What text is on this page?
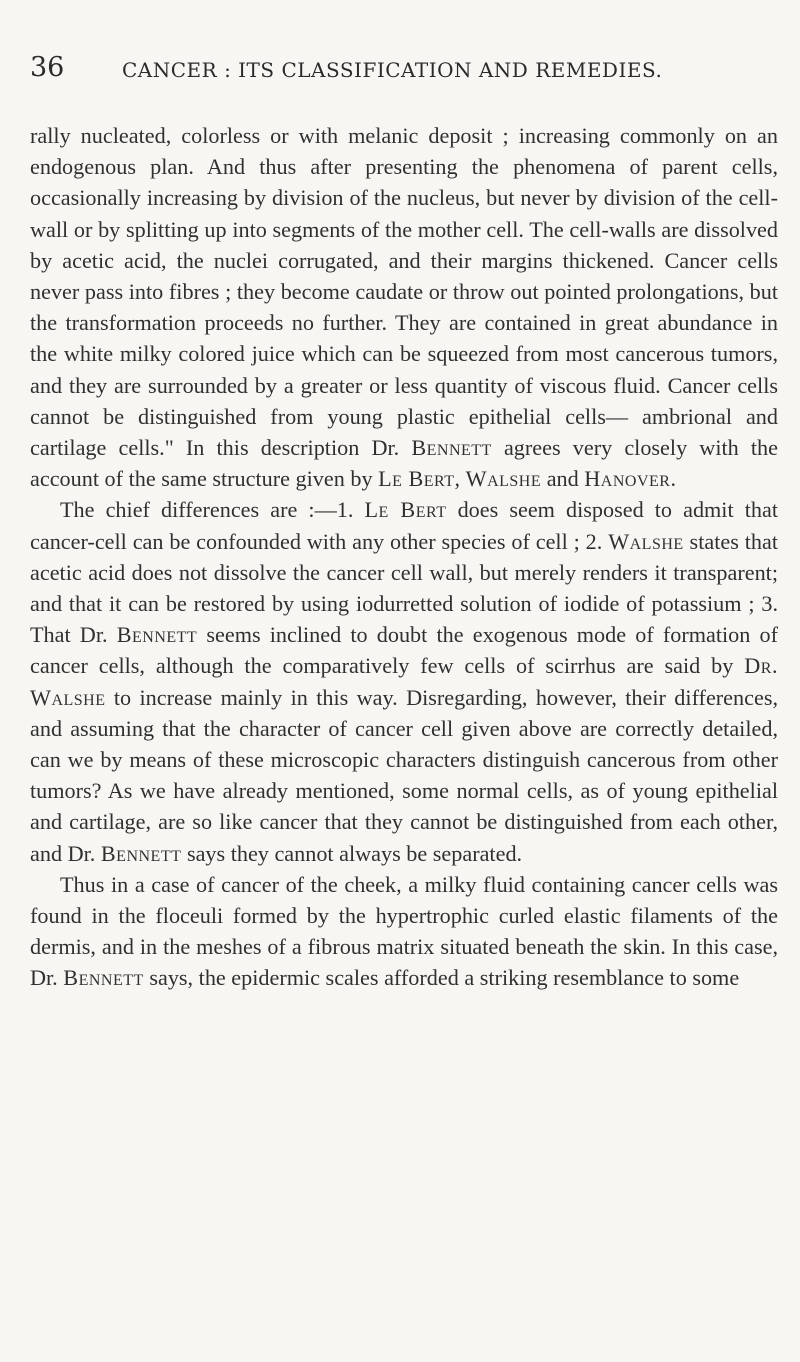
36	CANCER : ITS CLASSIFICATION AND REMEDIES.

rally nucleated, colorless or with melanic deposit ; increasing commonly on an endogenous plan. And thus after presenting the phenomena of parent cells, occasionally increasing by division of the nucleus, but never by division of the cell-wall or by splitting up into segments of the mother cell. The cell-walls are dissolved by acetic acid, the nuclei corrugated, and their margins thickened. Cancer cells never pass into fibres ; they become caudate or throw out pointed prolongations, but the transformation proceeds no further. They are contained in great abundance in the white milky colored juice which can be squeezed from most cancerous tumors, and they are surrounded by a greater or less quantity of viscous fluid. Cancer cells cannot be distinguished from young plastic epithelial cells— ambrional and cartilage cells." In this description Dr. Bennett agrees very closely with the account of the same structure given by Le Bert, Walshe and Hanover.

The chief differences are :—1. Le Bert does seem disposed to admit that cancer-cell can be confounded with any other species of cell ; 2. Walshe states that acetic acid does not dissolve the cancer cell wall, but merely renders it transparent; and that it can be restored by using iodurretted solution of iodide of potassium ; 3. That Dr. Bennett seems inclined to doubt the exogenous mode of formation of cancer cells, although the comparatively few cells of scirrhus are said by Dr. Walshe to increase mainly in this way. Disregarding, however, their differences, and assuming that the character of cancer cell given above are correctly detailed, can we by means of these microscopic characters distinguish cancerous from other tumors? As we have already mentioned, some normal cells, as of young epithelial and cartilage, are so like cancer that they cannot be distinguished from each other, and Dr. Bennett says they cannot always be separated.

Thus in a case of cancer of the cheek, a milky fluid containing cancer cells was found in the floceuli formed by the hypertrophic curled elastic filaments of the dermis, and in the meshes of a fibrous matrix situated beneath the skin. In this case, Dr. Bennett says, the epidermic scales afforded a striking resemblance to some
